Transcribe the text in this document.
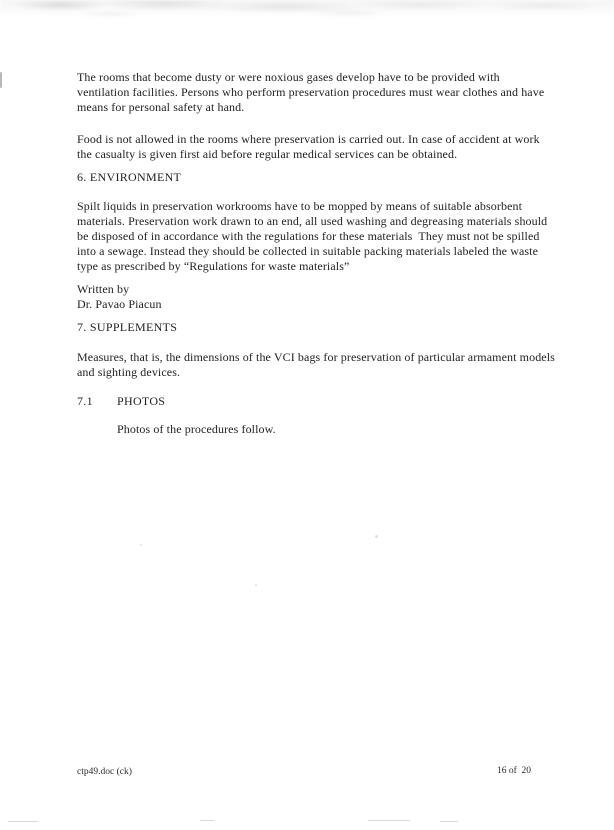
The rooms that become dusty or were noxious gases develop have to be provided with
ventilation facilities. Persons who perform preservation procedures must wear clothes and have
means for personal safety at hand.
Food is not allowed in the rooms where preservation is carried out. In case of accident at work
the casualty is given first aid before regular medical services can be obtained.
6. ENVIRONMENT
Spilt liquids in preservation workrooms have to be mopped by means of suitable absorbent
materials. Preservation work drawn to an end, all used washing and degreasing materials should
be disposed of in accordance with the regulations for these materials  They must not be spilled
into a sewage. Instead they should be collected in suitable packing materials labeled the waste
type as prescribed by “Regulations for waste materials”
Written by
Dr. Pavao Piacun
7. SUPPLEMENTS
Measures, that is, the dimensions of the VCI bags for preservation of particular armament models
and sighting devices.
7.1 PHOTOS
Photos of the procedures follow.
ctp49.doc (ck)	16 of  20
